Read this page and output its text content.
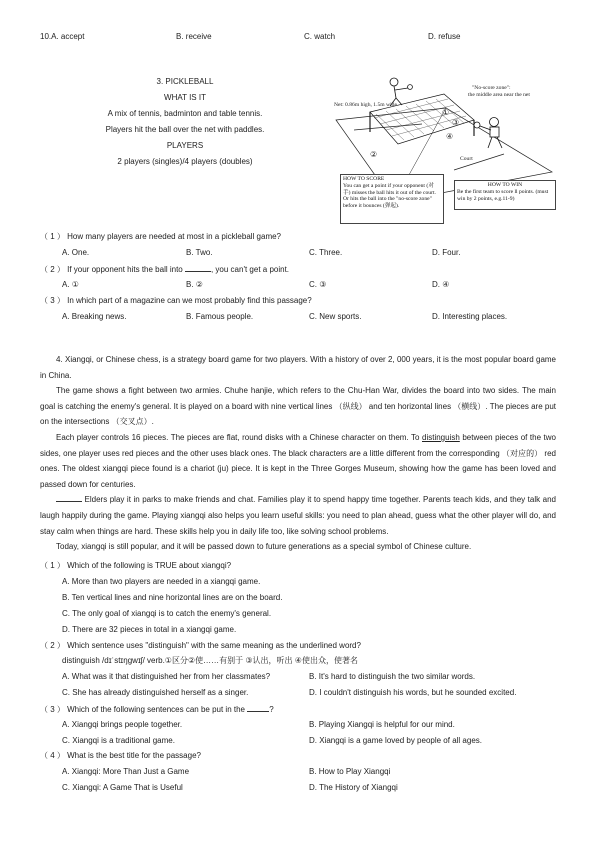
10.A. accept	B. receive	C. watch	D. refuse
3. PICKLEBALL
WHAT IS IT
A mix of tennis, badminton and table tennis.
Players hit the ball over the net with paddles.
PLAYERS
2 players (singles)/4 players (doubles)
Net: 0.86m high, 1.5m wide
"No-score zone":
the middle area near the net
Court
①
②
③
④
HOW TO SCORE
You can get a point if your opponent (对手) misses the ball hits it out of the court. Or hits the ball into the "no-score zone" before it bounces (弹起).
HOW TO WIN
Be the first team to score ll points. (must win by 2 points, e.g.11-9)
（ 1 ） How many players are needed at most in a pickleball game?
A. One.	B. Two.	C. Three.	D. Four.
（ 2 ） If your opponent hits the ball into	, you can't get a point.
A. ①	B. ②	C. ③	D. ④
（ 3 ） In which part of a magazine can we most probably find this passage?
A. Breaking news.	B. Famous people.	C. New sports.	D. Interesting places.

4. Xiangqi, or Chinese chess, is a strategy board game for two players. With a history of over 2, 000 years, it is the most popular board game in China.

The game shows a fight between two armies. Chuhe hanjie, which refers to the Chu-Han War, divides the board into two sides. The main goal is catching the enemy's general. It is played on a board with nine vertical lines （纵线） and ten horizontal lines （横线）. The pieces are put on the intersections （交叉点）.

Each player controls 16 pieces. The pieces are flat, round disks with a Chinese character on them. To distinguish between pieces of the two sides, one player uses red pieces and the other uses black ones. The black characters are a little different from the corresponding （对应的） red ones. The oldest xiangqi piece found is a chariot (ju) piece. It is kept in the Three Gorges Museum, showing how the game has been loved and passed down for centuries.

Elders play it in parks to make friends and chat. Families play it to spend happy time together. Parents teach kids, and they talk and laugh happily during the game. Playing xiangqi also helps you learn useful skills: you need to plan ahead, guess what the other player will do, and stay calm when things are hard. These skills help you in daily life too, like solving school problems.

Today, xiangqi is still popular, and it will be passed down to future generations as a special symbol of Chinese culture.

（ 1 ） Which of the following is TRUE about xiangqi?
A. More than two players are needed in a xiangqi game.
B. Ten vertical lines and nine horizontal lines are on the board.
C. The only goal of xiangqi is to catch the enemy's general.
D. There are 32 pieces in total in a xiangqi game.
（ 2 ） Which sentence uses "distinguish" with the same meaning as the underlined word?
distinguish /dɪˈstɪŋɡwɪʃ/ verb.①区分②使……有别于 ③认出，听出 ④使出众，使著名
A. What was it that distinguished her from her classmates?	B. It's hard to distinguish the two similar words.
C. She has already distinguished herself as a singer.	D. I couldn't distinguish his words, but he sounded excited.
（ 3 ） Which of the following sentences can be put in the	?
A. Xiangqi brings people together.	B. Playing Xiangqi is helpful for our mind.
C. Xiangqi is a traditional game.	D. Xiangqi is a game loved by people of all ages.
（ 4 ） What is the best title for the passage?
A. Xiangqi: More Than Just a Game	B. How to Play Xiangqi
C. Xiangqi: A Game That is Useful	D. The History of Xiangqi
